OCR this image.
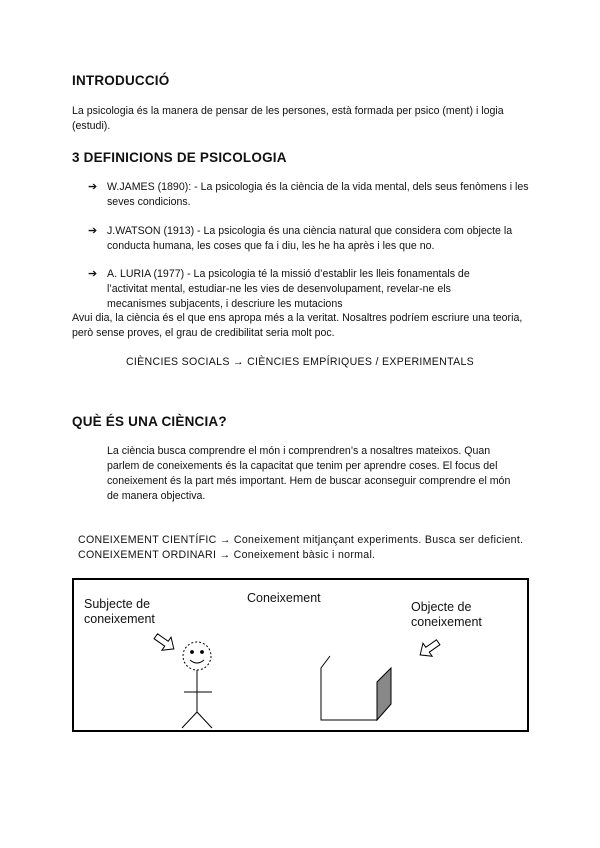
INTRODUCCIÓ
La psicologia és la manera de pensar de les persones, està formada per psico (ment) i logia (estudi).
3 DEFINICIONS DE PSICOLOGIA
➔ W.JAMES (1890): - La psicologia és la ciència de la vida mental, dels seus fenòmens i les seves condicions.
➔ J.WATSON (1913) - La psicologia és una ciència natural que considera com objecte la conducta humana, les coses que fa i diu, les he ha après i les que no.
➔ A. LURIA (1977) - La psicologia té la missió d’establir les lleis fonamentals de l’activitat mental, estudiar-ne les vies de desenvolupament, revelar-ne els mecanismes subjacents, i descriure les mutacions
Avui dia, la ciència és el que ens apropa més a la veritat. Nosaltres podríem escriure una teoria, però sense proves, el grau de credibilitat seria molt poc.
CIÈNCIES SOCIALS → CIÈNCIES EMPÍRIQUES / EXPERIMENTALS
QUÈ ÉS UNA CIÈNCIA?
La ciència busca comprendre el món i comprendren’s a nosaltres mateixos. Quan parlem de coneixements és la capacitat que tenim per aprendre coses. El focus del coneixement és la part més important. Hem de buscar aconseguir comprendre el món de manera objectiva.
CONEIXEMENT CIENTÍFIC → Coneixement mitjançant experiments. Busca ser deficient.
CONEIXEMENT ORDINARI → Coneixement bàsic i normal.
Subjecte de
coneixement
Coneixement
Objecte de
coneixement
